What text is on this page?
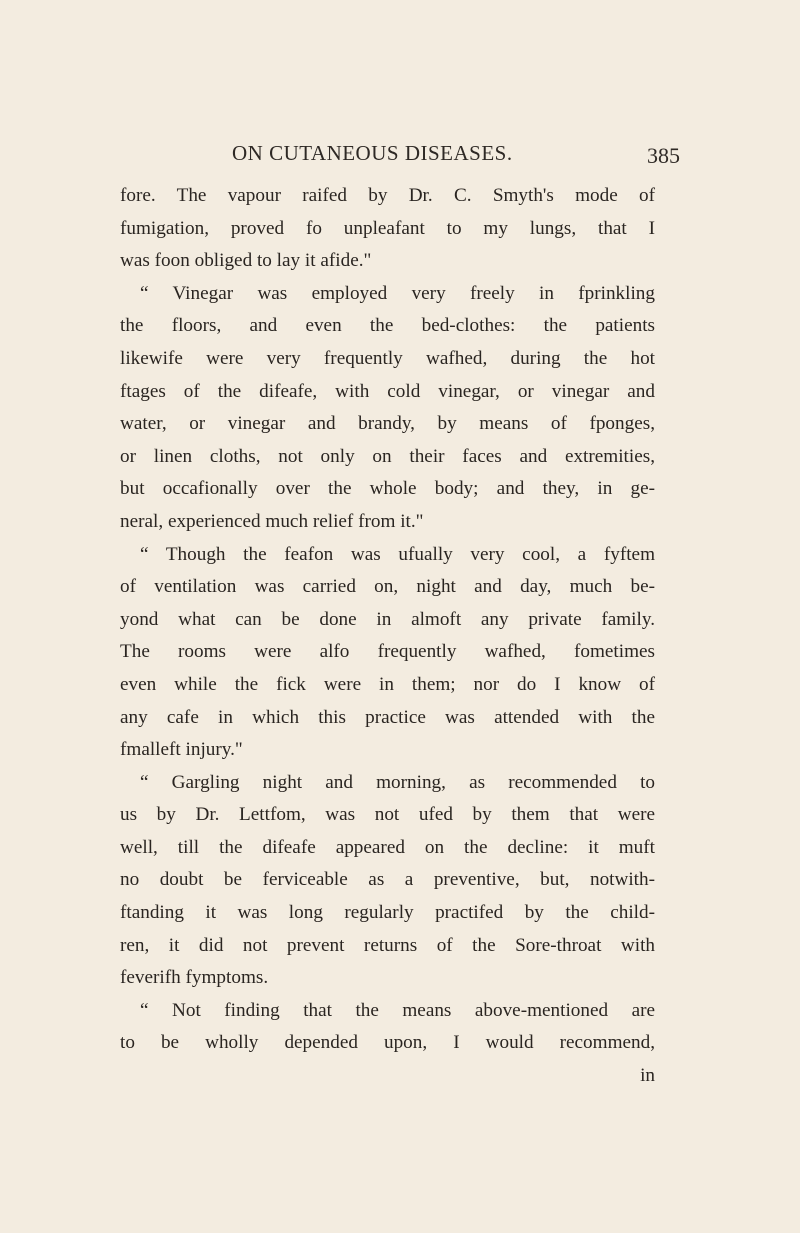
ON CUTANEOUS DISEASES.	385
fore. The vapour raifed by Dr. C. Smyth's mode of
fumigation, proved fo unpleafant to my lungs, that I
was foon obliged to lay it afide."
“ Vinegar was employed very freely in fprinkling
the floors, and even the bed-clothes: the patients
likewife were very frequently wafhed, during the hot
ftages of the difeafe, with cold vinegar, or vinegar and
water, or vinegar and brandy, by means of fponges,
or linen cloths, not only on their faces and extremities,
but occafionally over the whole body; and they, in ge-
neral, experienced much relief from it."
“ Though the feafon was ufually very cool, a fyftem
of ventilation was carried on, night and day, much be-
yond what can be done in almoft any private family.
The rooms were alfo frequently wafhed, fometimes
even while the fick were in them; nor do I know of
any cafe in which this practice was attended with the
fmalleft injury."
“ Gargling night and morning, as recommended to
us by Dr. Lettfom, was not ufed by them that were
well, till the difeafe appeared on the decline: it muft
no doubt be ferviceable as a preventive, but, notwith-
ftanding it was long regularly practifed by the child-
ren, it did not prevent returns of the Sore-throat with
feverifh fymptoms.
“ Not finding that the means above-mentioned are
to be wholly depended upon, I would recommend,
in
